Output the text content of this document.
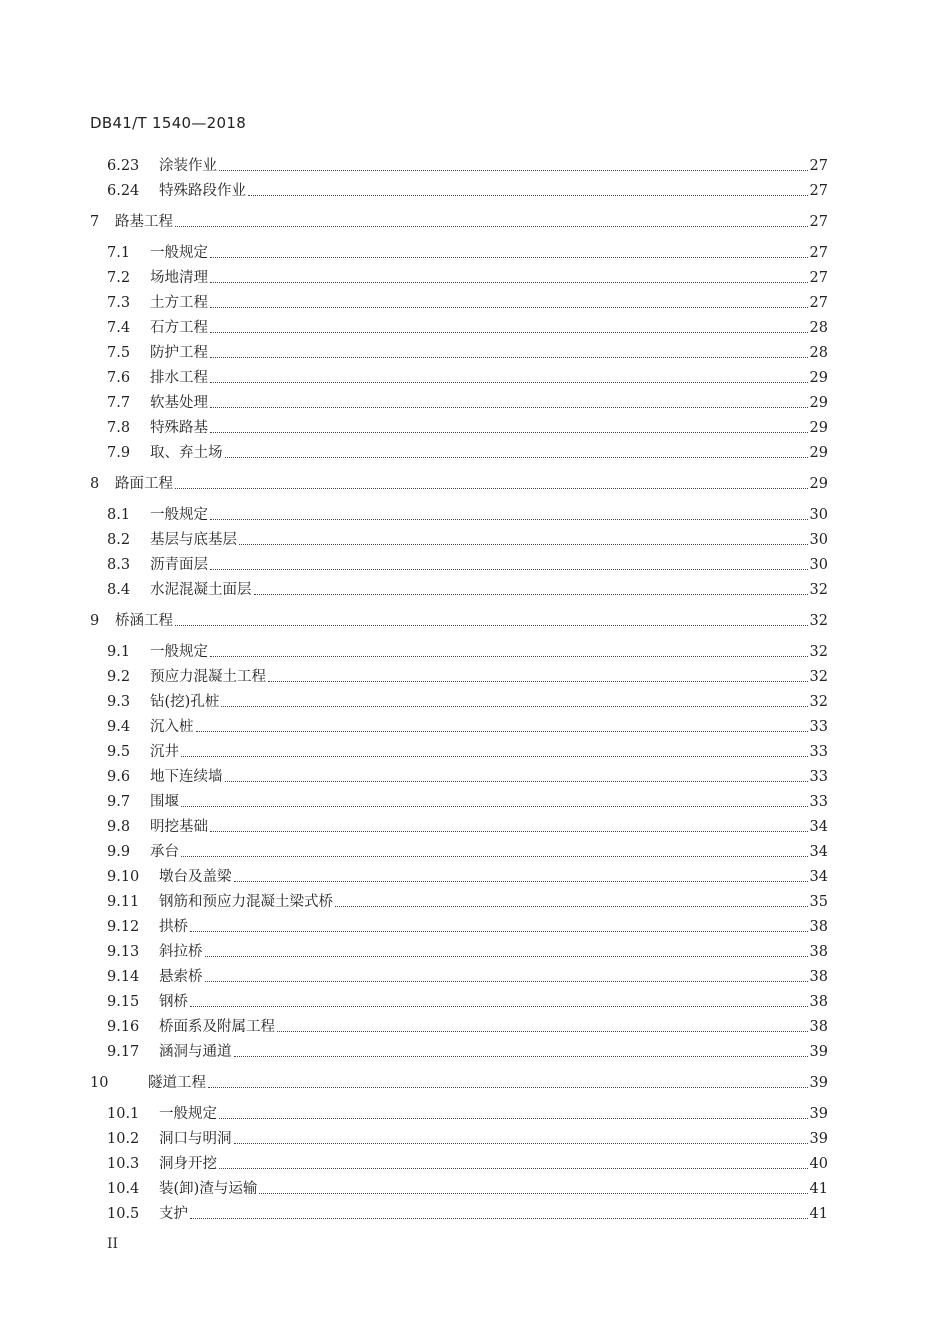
DB41/T 1540—2018
6.23	涂装作业	27
6.24	特殊路段作业	27
7	路基工程	27
7.1	一般规定	27
7.2	场地清理	27
7.3	土方工程	27
7.4	石方工程	28
7.5	防护工程	28
7.6	排水工程	29
7.7	软基处理	29
7.8	特殊路基	29
7.9	取、弃土场	29
8	路面工程	29
8.1	一般规定	30
8.2	基层与底基层	30
8.3	沥青面层	30
8.4	水泥混凝土面层	32
9	桥涵工程	32
9.1	一般规定	32
9.2	预应力混凝土工程	32
9.3	钻(挖)孔桩	32
9.4	沉入桩	33
9.5	沉井	33
9.6	地下连续墙	33
9.7	围堰	33
9.8	明挖基础	34
9.9	承台	34
9.10	墩台及盖梁	34
9.11	钢筋和预应力混凝土梁式桥	35
9.12	拱桥	38
9.13	斜拉桥	38
9.14	悬索桥	38
9.15	钢桥	38
9.16	桥面系及附属工程	38
9.17	涵洞与通道	39
10	隧道工程	39
10.1	一般规定	39
10.2	洞口与明洞	39
10.3	洞身开挖	40
10.4	装(卸)渣与运输	41
10.5	支护	41
II
